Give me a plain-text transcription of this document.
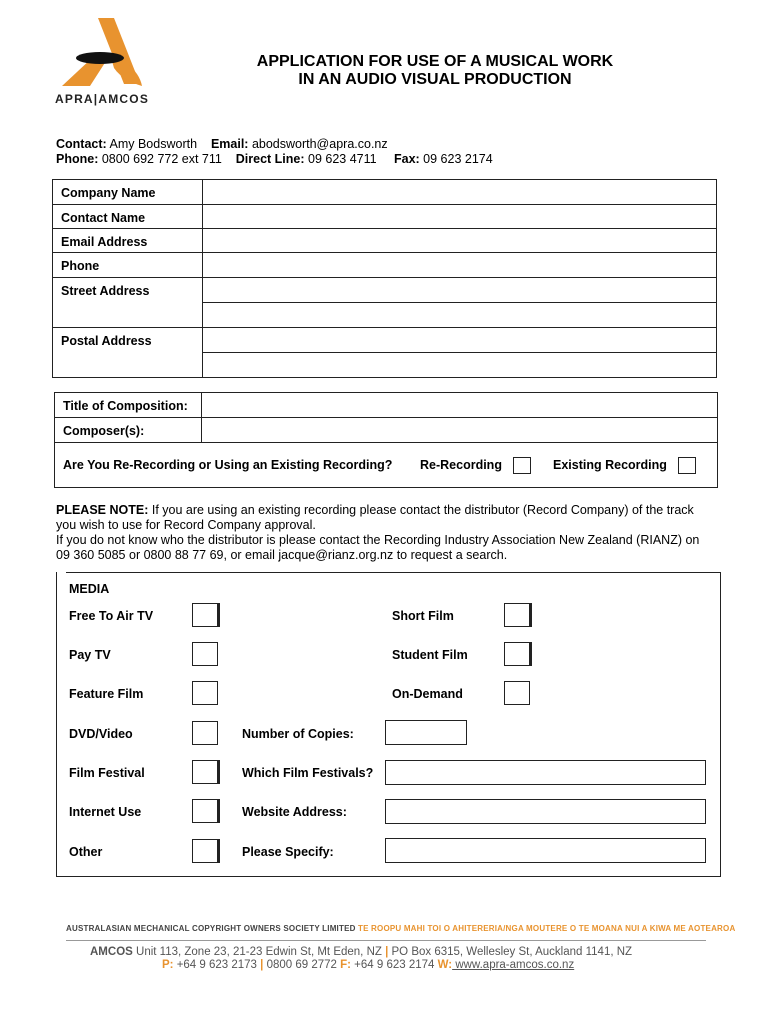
APRA|AMCOS
APPLICATION FOR USE OF A MUSICAL WORK
IN AN AUDIO VISUAL PRODUCTION
Contact: Amy Bodsworth Email: abodsworth@apra.co.nz
Phone: 0800 692 772 ext 711 Direct Line: 09 623 4711 Fax: 09 623 2174
Company Name	
Contact Name	
Email Address	
Phone	
Street Address	

Postal Address	

Title of Composition:	
Composer(s):	
Are You Re-Recording or Using an Existing Recording? Re-Recording Existing Recording	
PLEASE NOTE: If you are using an existing recording please contact the distributor (Record Company) of the track you wish to use for Record Company approval.
If you do not know who the distributor is please contact the Recording Industry Association New Zealand (RIANZ) on 09 360 5085 or 0800 88 77 69, or email jacque@rianz.org.nz to request a search.
MEDIA
Free To Air TV	Short Film
Pay TV	Student Film
Feature Film	On-Demand
DVD/Video	Number of Copies:
Film Festival	Which Film Festivals?
Internet Use	Website Address:
Other	Please Specify:
AUSTRALASIAN MECHANICAL COPYRIGHT OWNERS SOCIETY LIMITED TE ROOPU MAHI TOI O AHITERERIA/NGA MOUTERE O TE MOANA NUI A KIWA ME AOTEAROA
AMCOS Unit 113, Zone 23, 21-23 Edwin St, Mt Eden, NZ | PO Box 6315, Wellesley St, Auckland 1141, NZ
P: +64 9 623 2173 | 0800 69 2772 F: +64 9 623 2174 W: www.apra-amcos.co.nz
